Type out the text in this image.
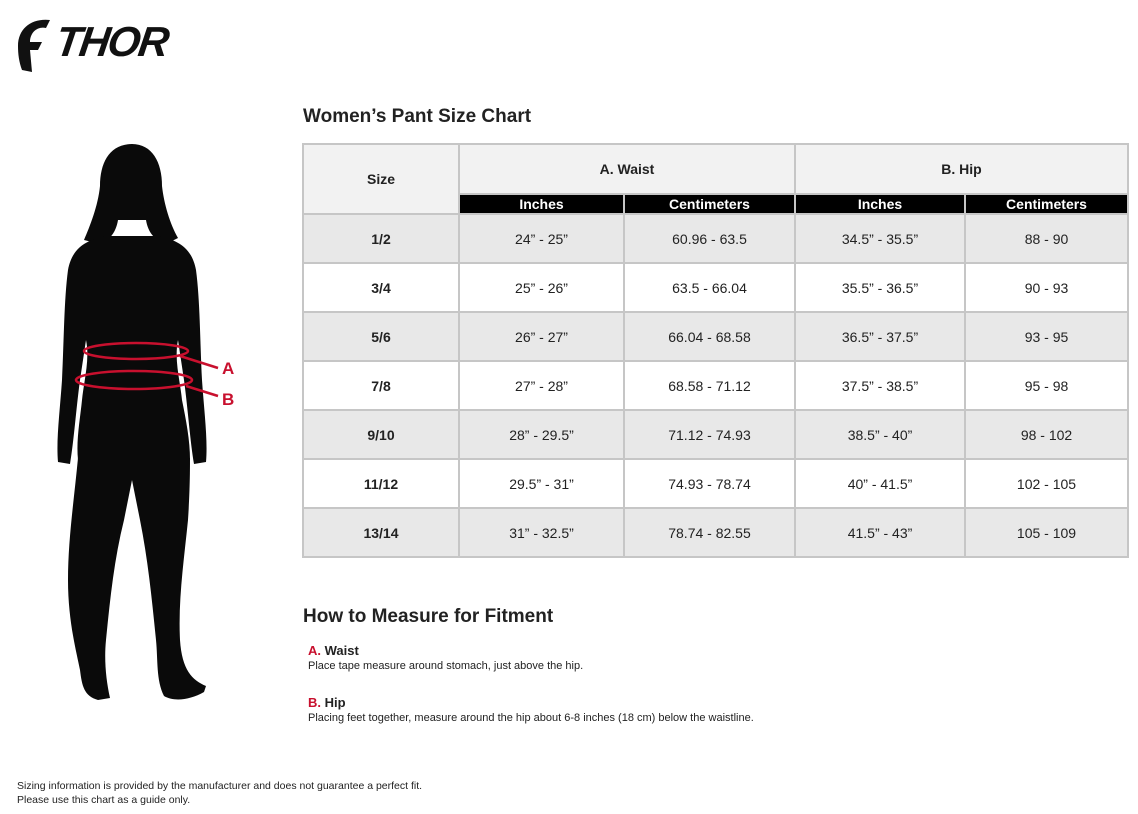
THOR
A
B
Women’s Pant Size Chart
Size	A. Waist		B. Hip	
	Inches	Centimeters	Inches	Centimeters
1/2	24” - 25”	60.96 - 63.5	34.5” - 35.5”	88 - 90
3/4	25” - 26”	63.5 - 66.04	35.5” - 36.5”	90 - 93
5/6	26” - 27”	66.04 - 68.58	36.5” - 37.5”	93 - 95
7/8	27” - 28”	68.58 - 71.12	37.5” - 38.5”	95 - 98
9/10	28” - 29.5”	71.12 - 74.93	38.5” - 40”	98 - 102
11/12	29.5” - 31”	74.93 - 78.74	40” - 41.5”	102 - 105
13/14	31” - 32.5”	78.74 - 82.55	41.5” - 43”	105 - 109
How to Measure for Fitment
A. Waist
Place tape measure around stomach, just above the hip.
B. Hip
Placing feet together, measure around the hip about 6-8 inches (18 cm) below the waistline.
Sizing information is provided by the manufacturer and does not guarantee a perfect fit.
Please use this chart as a guide only.
